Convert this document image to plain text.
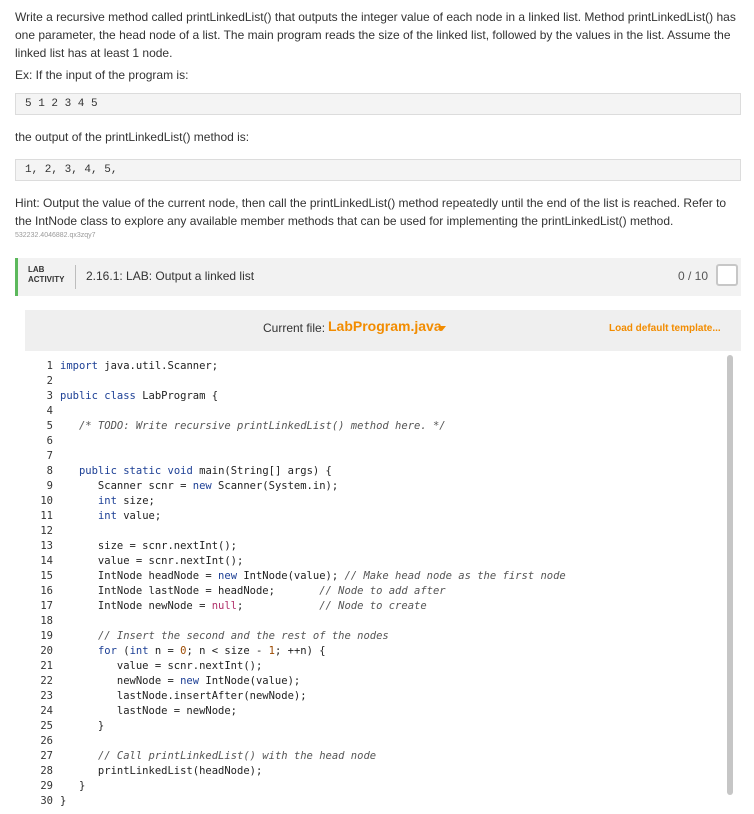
Write a recursive method called printLinkedList() that outputs the integer value of each node in a linked list. Method printLinkedList() has one parameter, the head node of a list. The main program reads the size of the linked list, followed by the values in the list. Assume the linked list has at least 1 node.
Ex: If the input of the program is:
5 1 2 3 4 5
the output of the printLinkedList() method is:
1, 2, 3, 4, 5,
Hint: Output the value of the current node, then call the printLinkedList() method repeatedly until the end of the list is reached. Refer to the IntNode class to explore any available member methods that can be used for implementing the printLinkedList() method.
532232.4046882.qx3zqy7
LAB
ACTIVITY 2.16.1: LAB: Output a linked list	0 / 10
Current file: LabProgram.java	Load default template...
1 import java.util.Scanner;
2
3 public class LabProgram {
4
5 /* TODO: Write recursive printLinkedList() method here. */
6
7
8 public static void main(String[] args) {
9      Scanner scnr = new Scanner(System.in);
10	int size;
11	int value;
12
13      size = scnr.nextInt();
14      value = scnr.nextInt();
15      IntNode headNode = new IntNode(value); // Make head node as the first node
16      IntNode lastNode = headNode;       // Node to add after
17      IntNode newNode = null;            // Node to create
18
19	// Insert the second and the rest of the nodes
20	for (int n = 0; n < size - 1; ++n) {
21         value = scnr.nextInt();
22         newNode = new IntNode(value);
23         lastNode.insertAfter(newNode);
24         lastNode = newNode;
25      }
26
27	// Call printLinkedList() with the head node
28      printLinkedList(headNode);
29   }
30 }
